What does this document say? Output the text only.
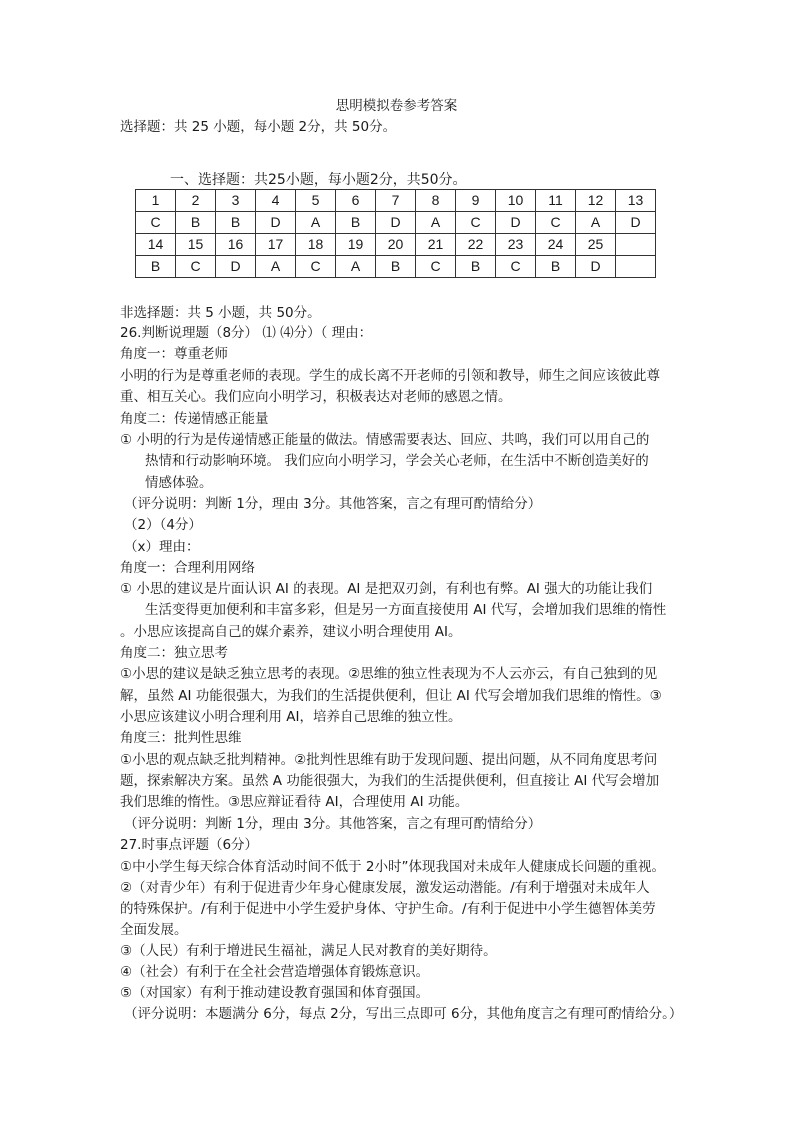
思明模拟卷参考答案
选择题：共 25 小题，每小题 2分，共 50分。
一、选择题：共25小题，每小题2分，共50分。
1	2	3	4	5	6	7	8	9	10	11	12	13
C	B	B	D	A	B	D	A	C	D	C	A	D
14	15	16	17	18	19	20	21	22	23	24	25	
B	C	D	A	C	A	B	C	B	C	B	D	
非选择题：共 5 小题，共 50分。
26.判断说理题（8分） ⑴ ⑷分）（ 理由：
角度一：尊重老师
小明的行为是尊重老师的表现。学生的成长离不开老师的引领和教导，师生之间应该彼此尊
重、相互关心。我们应向小明学习，积极表达对老师的感恩之情。
角度二：传递情感正能量
① 小明的行为是传递情感正能量的做法。情感需要表达、回应、共鸣，我们可以用自己的
热情和行动影响环境。 我们应向小明学习，学会关心老师，在生活中不断创造美好的
情感体验。
（评分说明：判断 1分，理由 3分。其他答案，言之有理可酌情给分）
（2）（4分）
（x）理由：
角度一：合理利用网络
① 小思的建议是片面认识 AI 的表现。AI 是把双刃剑，有利也有弊。AI 强大的功能让我们
生活变得更加便利和丰富多彩，但是另一方面直接使用 AI 代写，会增加我们思维的惰性
。小思应该提高自己的媒介素养，建议小明合理使用 AI。
角度二：独立思考
①小思的建议是缺乏独立思考的表现。②思维的独立性表现为不人云亦云，有自己独到的见
解，虽然 AI 功能很强大，为我们的生活提供便利，但让 AI 代写会增加我们思维的惰性。③
小思应该建议小明合理利用 AI，培养自己思维的独立性。
角度三：批判性思维
①小思的观点缺乏批判精神。②批判性思维有助于发现问题、提出问题，从不同角度思考问
题，探索解决方案。虽然 A 功能很强大，为我们的生活提供便利，但直接让 AI 代写会增加
我们思维的惰性。③思应辩证看待 AI，合理使用 AI 功能。
（评分说明：判断 1分，理由 3分。其他答案，言之有理可酌情给分）
27.时事点评题（6分）
①中小学生每天综合体育活动时间不低于 2小时”体现我国对未成年人健康成长问题的重视。
②（对青少年）有利于促进青少年身心健康发展，激发运动潜能。/有利于增强对未成年人
的特殊保护。/有利于促进中小学生爱护身体、守护生命。/有利于促进中小学生德智体美劳
全面发展。
③（人民）有利于增进民生福祉，满足人民对教育的美好期待。
④（社会）有利于在全社会营造增强体育锻炼意识。
⑤（对国家）有利于推动建设教育强国和体育强国。
（评分说明：本题满分 6分，每点 2分，写出三点即可 6分，其他角度言之有理可酌情给分。）
